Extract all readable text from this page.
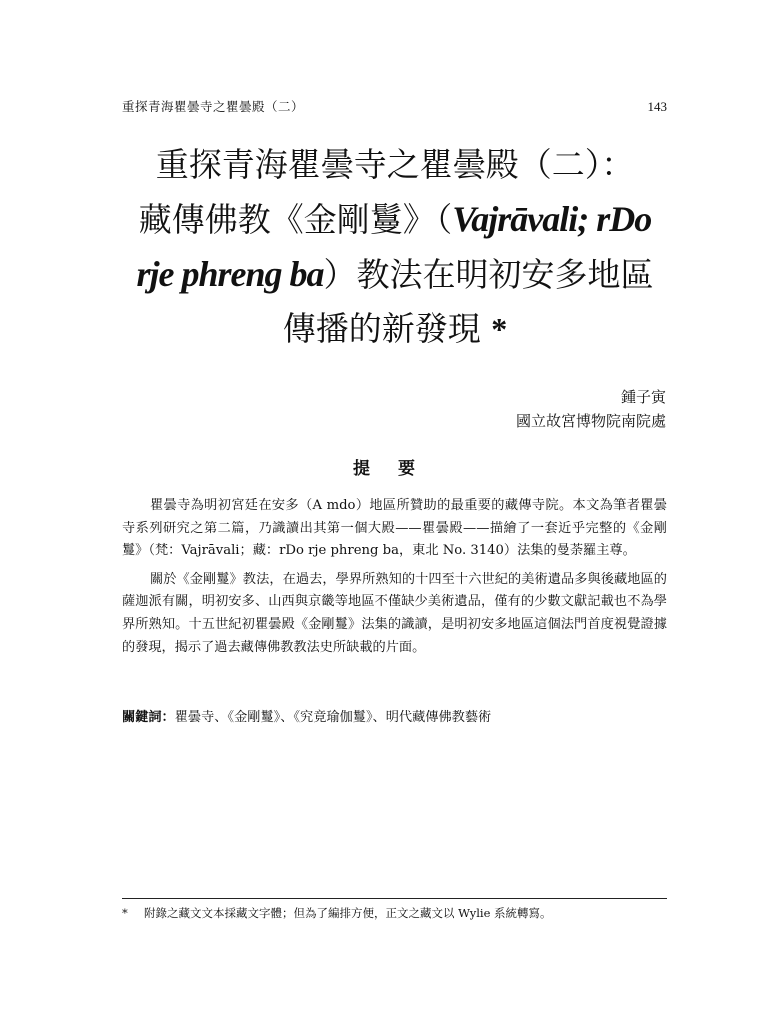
重探青海瞿曇寺之瞿曇殿（二）	143
重探青海瞿曇寺之瞿曇殿（二）：
藏傳佛教《金剛鬘》（Vajrāvali; rDo
rje phreng ba）教法在明初安多地區
傳播的新發現 *
鍾子寅
國立故宮博物院南院處
提要

瞿曇寺為明初宮廷在安多（A mdo）地區所贊助的最重要的藏傳寺院。本文為筆者瞿曇寺系列研究之第二篇，乃識讀出其第一個大殿——瞿曇殿——描繪了一套近乎完整的《金剛鬘》（梵：Vajrāvali；藏：rDo rje phreng ba，東北 No. 3140）法集的曼荼羅主尊。

關於《金剛鬘》教法，在過去，學界所熟知的十四至十六世紀的美術遺品多與後藏地區的薩迦派有關，明初安多、山西與京畿等地區不僅缺少美術遺品，僅有的少數文獻記載也不為學界所熟知。十五世紀初瞿曇殿《金剛鬘》法集的識讀，是明初安多地區這個法門首度視覺證據的發現，揭示了過去藏傳佛教教法史所缺載的片面。

關鍵詞：瞿曇寺、《金剛鬘》、《究竟瑜伽鬘》、明代藏傳佛教藝術
* 附錄之藏文文本採藏文字體；但為了編排方便，正文之藏文以 Wylie 系統轉寫。
